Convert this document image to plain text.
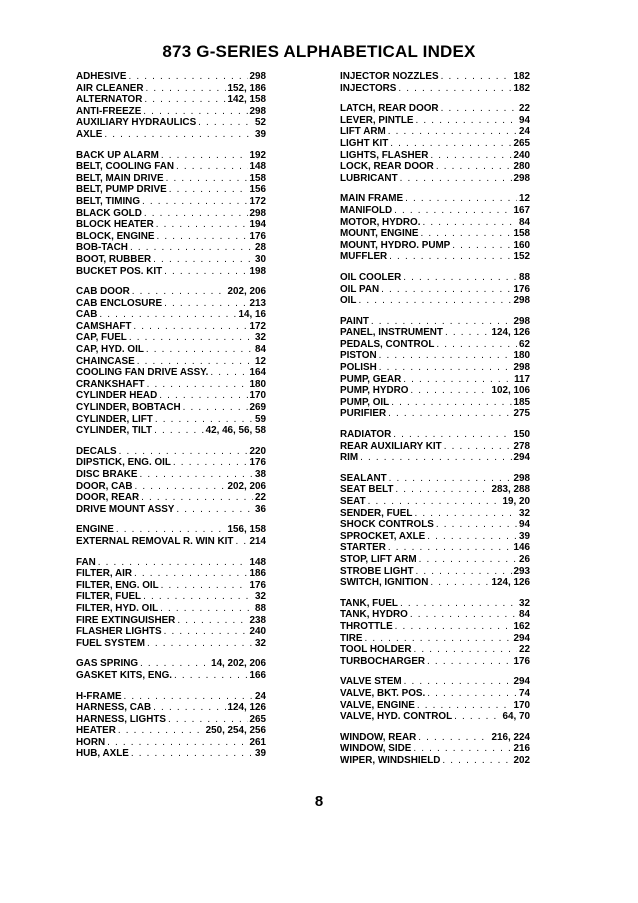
873 G-SERIES ALPHABETICAL INDEX
ADHESIVE . . .	298
AIR CLEANER . . .	152, 186
ALTERNATOR . . .	142, 158
ANTI-FREEZE . . .	298
AUXILIARY HYDRAULICS . . .	52
AXLE . . .	39
BACK UP ALARM . . .	192
BELT, COOLING FAN . . .	148
BELT, MAIN DRIVE . . .	158
BELT, PUMP DRIVE . . .	156
BELT, TIMING . . .	172
BLACK GOLD . . .	298
BLOCK HEATER . . .	194
BLOCK, ENGINE . . .	176
BOB-TACH . . .	28
BOOT, RUBBER . . .	30
BUCKET POS. KIT . . .	198
CAB DOOR . . .	202, 206
CAB ENCLOSURE . . .	213
CAB . . .	14, 16
CAMSHAFT . . .	172
CAP, FUEL . . .	32
CAP, HYD. OIL . . .	84
CHAINCASE . . .	12
COOLING FAN DRIVE ASSY. . . .	164
CRANKSHAFT . . .	180
CYLINDER HEAD . . .	170
CYLINDER, BOBTACH . . .	269
CYLINDER, LIFT . . .	59
CYLINDER, TILT . . .	42, 46, 56, 58
DECALS . . .	220
DIPSTICK, ENG. OIL . . .	176
DISC BRAKE . . .	38
DOOR, CAB . . .	202, 206
DOOR, REAR . . .	22
DRIVE MOUNT ASSY . . .	36
ENGINE . . .	156, 158
EXTERNAL REMOVAL R. WIN KIT . . . 214
FAN . . .	148
FILTER, AIR . . .	186
FILTER, ENG. OIL . . .	176
FILTER, FUEL . . .	32
FILTER, HYD. OIL . . .	88
FIRE EXTINGUISHER . . .	238
FLASHER LIGHTS . . .	240
FUEL SYSTEM . . .	32
GAS SPRING . . .	14, 202, 206
GASKET KITS, ENG. . . .	166
H-FRAME . . .	24
HARNESS, CAB . . .	124, 126
HARNESS, LIGHTS . . .	265
HEATER . . .	250, 254, 256
HORN . . .	261
HUB, AXLE . . .	39
INJECTOR NOZZLES . . .	182
INJECTORS . . .	182
LATCH, REAR DOOR . . .	22
LEVER, PINTLE . . .	94
LIFT ARM . . .	24
LIGHT KIT . . .	265
LIGHTS, FLASHER . . .	240
LOCK, REAR DOOR . . .	280
LUBRICANT . . .	298
MAIN FRAME . . .	12
MANIFOLD . . .	167
MOTOR, HYDRO. . . .	84
MOUNT, ENGINE . . .	158
MOUNT, HYDRO. PUMP . . .	160
MUFFLER . . .	152
OIL COOLER . . .	88
OIL PAN . . .	176
OIL . . .	298
PAINT . . .	298
PANEL, INSTRUMENT . . .	124, 126
PEDALS, CONTROL . . .	62
PISTON . . .	180
POLISH . . .	298
PUMP, GEAR . . .	117
PUMP, HYDRO . . .	102, 106
PUMP, OIL . . .	185
PURIFIER . . .	275
RADIATOR . . .	150
REAR AUXILIARY KIT . . .	278
RIM . . .	294
SEALANT . . .	298
SEAT BELT . . .	283, 288
SEAT . . .	19, 20
SENDER, FUEL . . .	32
SHOCK CONTROLS . . .	94
SPROCKET, AXLE . . .	39
STARTER . . .	146
STOP, LIFT ARM . . .	26
STROBE LIGHT . . .	293
SWITCH, IGNITION . . .	124, 126
TANK, FUEL . . .	32
TANK, HYDRO . . .	84
THROTTLE . . .	162
TIRE . . .	294
TOOL HOLDER . . .	22
TURBOCHARGER . . .	176
VALVE STEM . . .	294
VALVE, BKT. POS. . . .	74
VALVE, ENGINE . . .	170
VALVE, HYD. CONTROL . . .	64, 70
WINDOW, REAR . . .	216, 224
WINDOW, SIDE . . .	216
WIPER, WINDSHIELD . . .	202
8
